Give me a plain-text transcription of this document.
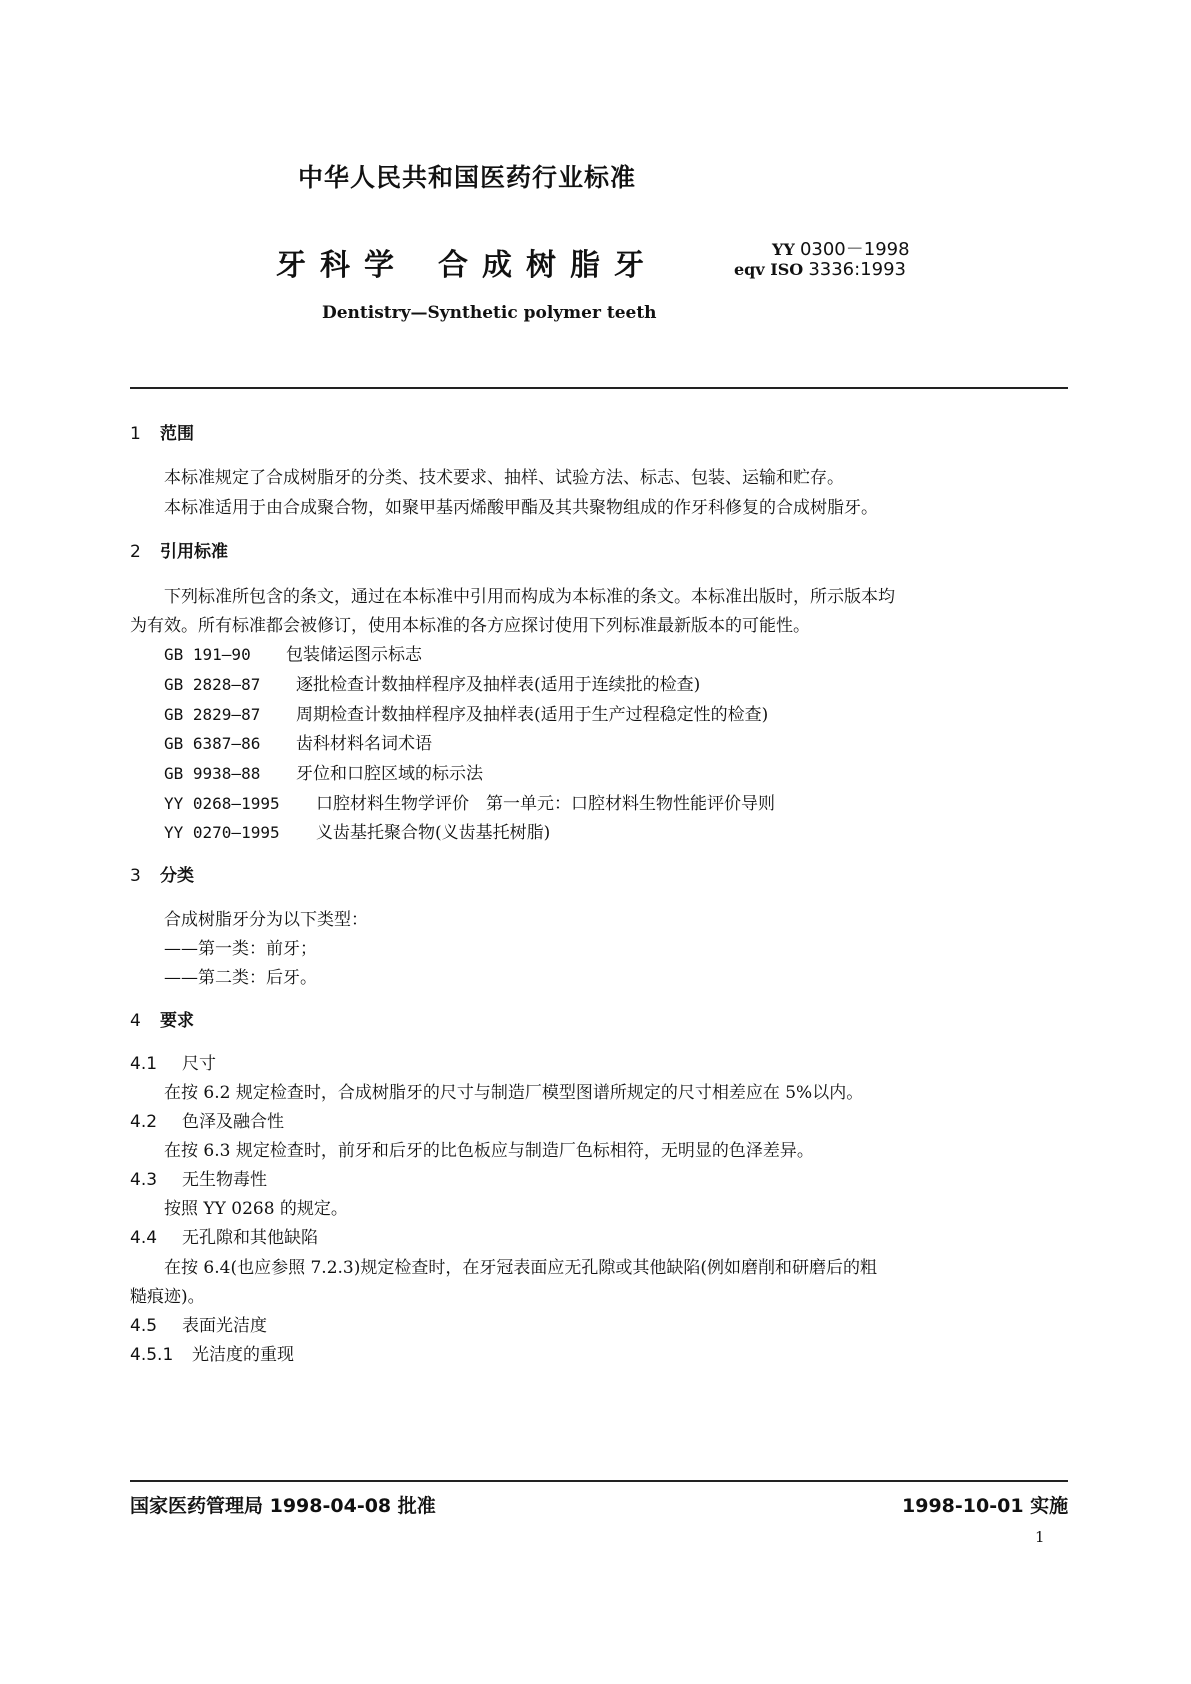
中华人民共和国医药行业标准
牙科学 合成树脂牙	YY 0300－1998
eqv ISO 3336:1993
Dentistry—Synthetic polymer teeth
1 范围
本标准规定了合成树脂牙的分类、技术要求、抽样、试验方法、标志、包装、运输和贮存。
本标准适用于由合成聚合物，如聚甲基丙烯酸甲酯及其共聚物组成的作牙科修复的合成树脂牙。
2 引用标准
下列标准所包含的条文，通过在本标准中引用而构成为本标准的条文。本标准出版时，所示版本均
为有效。所有标准都会被修订，使用本标准的各方应探讨使用下列标准最新版本的可能性。
GB 191—90 包装储运图示标志
GB 2828—87 逐批检查计数抽样程序及抽样表(适用于连续批的检查)
GB 2829—87 周期检查计数抽样程序及抽样表(适用于生产过程稳定性的检查)
GB 6387—86 齿科材料名词术语
GB 9938—88 牙位和口腔区域的标示法
YY 0268—1995 口腔材料生物学评价　第一单元：口腔材料生物性能评价导则
YY 0270—1995 义齿基托聚合物(义齿基托树脂)
3 分类
合成树脂牙分为以下类型：
——第一类：前牙；
——第二类：后牙。
4 要求
4.1 尺寸
在按 6.2 规定检查时，合成树脂牙的尺寸与制造厂模型图谱所规定的尺寸相差应在 5%以内。
4.2 色泽及融合性
在按 6.3 规定检查时，前牙和后牙的比色板应与制造厂色标相符，无明显的色泽差异。
4.3 无生物毒性
按照 YY 0268 的规定。
4.4 无孔隙和其他缺陷
在按 6.4(也应参照 7.2.3)规定检查时，在牙冠表面应无孔隙或其他缺陷(例如磨削和研磨后的粗
糙痕迹)。
4.5 表面光洁度
4.5.1 光洁度的重现
国家医药管理局 1998-04-08 批准	1998-10-01 实施
1
